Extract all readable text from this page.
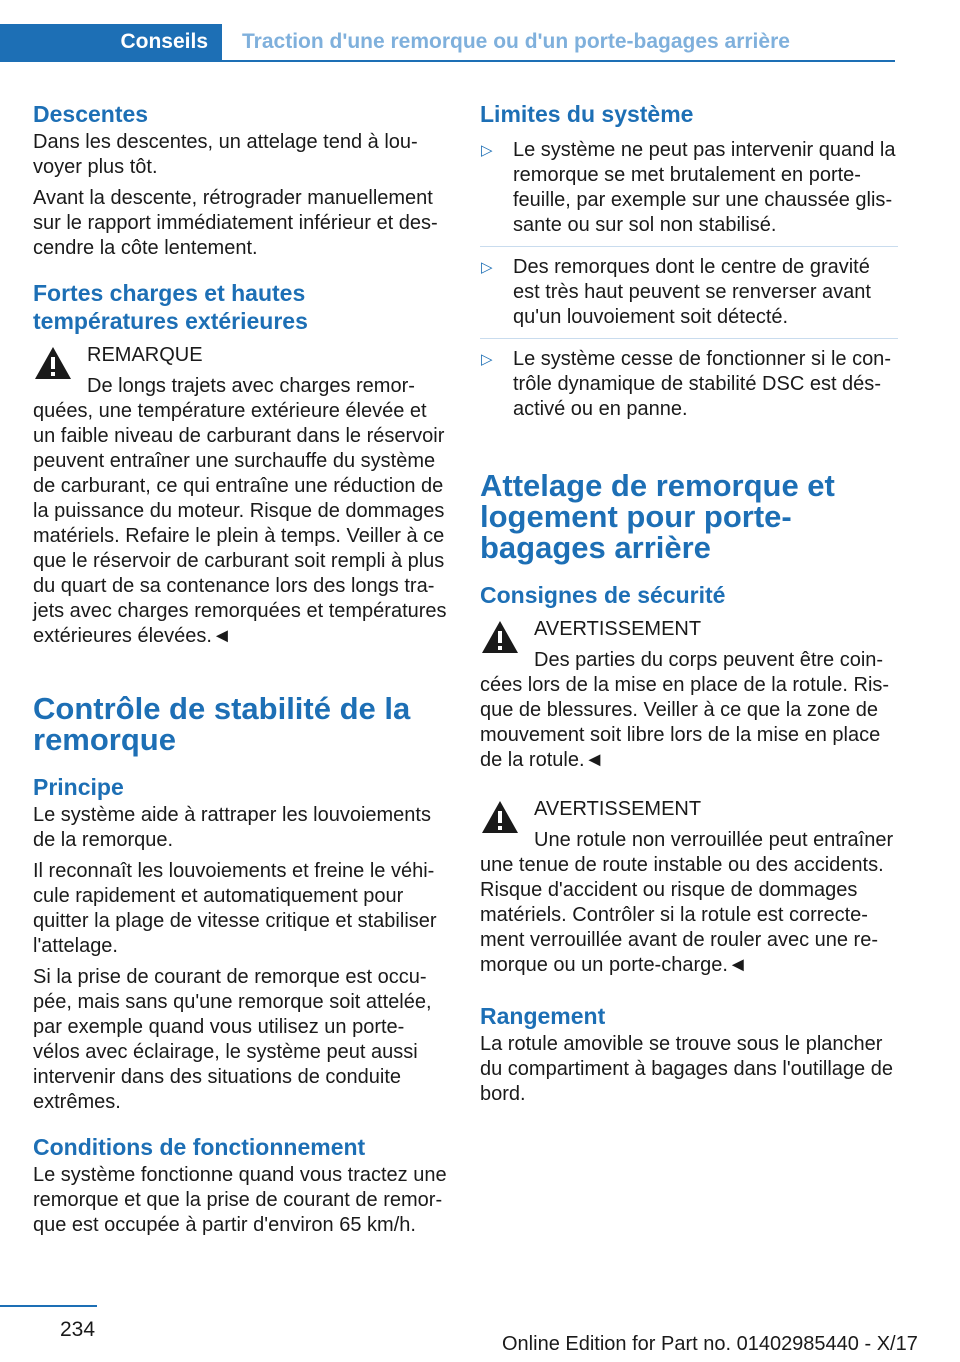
Conseils	Traction d'une remorque ou d'un porte-bagages arrière
Descentes

Dans les descentes, un attelage tend à louvoyer plus tôt.

Avant la descente, rétrograder manuellement sur le rapport immédiatement inférieur et descendre la côte lentement.

Fortes charges et hautes températures extérieures
REMARQUE
De longs trajets avec charges remorquées, une température extérieure élevée et un faible niveau de carburant dans le réservoir peuvent entraîner une surchauffe du système de carburant, ce qui entraîne une réduction de la puissance du moteur. Risque de dommages matériels. Refaire le plein à temps. Veiller à ce que le réservoir de carburant soit rempli à plus du quart de sa contenance lors des longs trajets avec charges remorquées et températures extérieures élevées.◄
Contrôle de stabilité de la remorque
Principe

Le système aide à rattraper les louvoiements de la remorque.

Il reconnaît les louvoiements et freine le véhicule rapidement et automatiquement pour quitter la plage de vitesse critique et stabiliser l'attelage.

Si la prise de courant de remorque est occupée, mais sans qu'une remorque soit attelée, par exemple quand vous utilisez un porte-vélos avec éclairage, le système peut aussi intervenir dans des situations de conduite extrêmes.

Conditions de fonctionnement

Le système fonctionne quand vous tractez une remorque et que la prise de courant de remorque est occupée à partir d'environ 65 km/h.

Limites du système
▷ Le système ne peut pas intervenir quand la remorque se met brutalement en porte-feuille, par exemple sur une chaussée glissante ou sur sol non stabilisé.
▷ Des remorques dont le centre de gravité est très haut peuvent se renverser avant qu'un louvoiement soit détecté.
▷ Le système cesse de fonctionner si le contrôle dynamique de stabilité DSC est désactivé ou en panne.
Attelage de remorque et logement pour porte-bagages arrière
Consignes de sécurité
AVERTISSEMENT
Des parties du corps peuvent être coincées lors de la mise en place de la rotule. Risque de blessures. Veiller à ce que la zone de mouvement soit libre lors de la mise en place de la rotule.◄
AVERTISSEMENT
Une rotule non verrouillée peut entraîner une tenue de route instable ou des accidents. Risque d'accident ou risque de dommages matériels. Contrôler si la rotule est correctement verrouillée avant de rouler avec une remorque ou un porte-charge.◄
Rangement

La rotule amovible se trouve sous le plancher du compartiment à bagages dans l'outillage de bord.

234
Online Edition for Part no. 01402985440 - X/17
